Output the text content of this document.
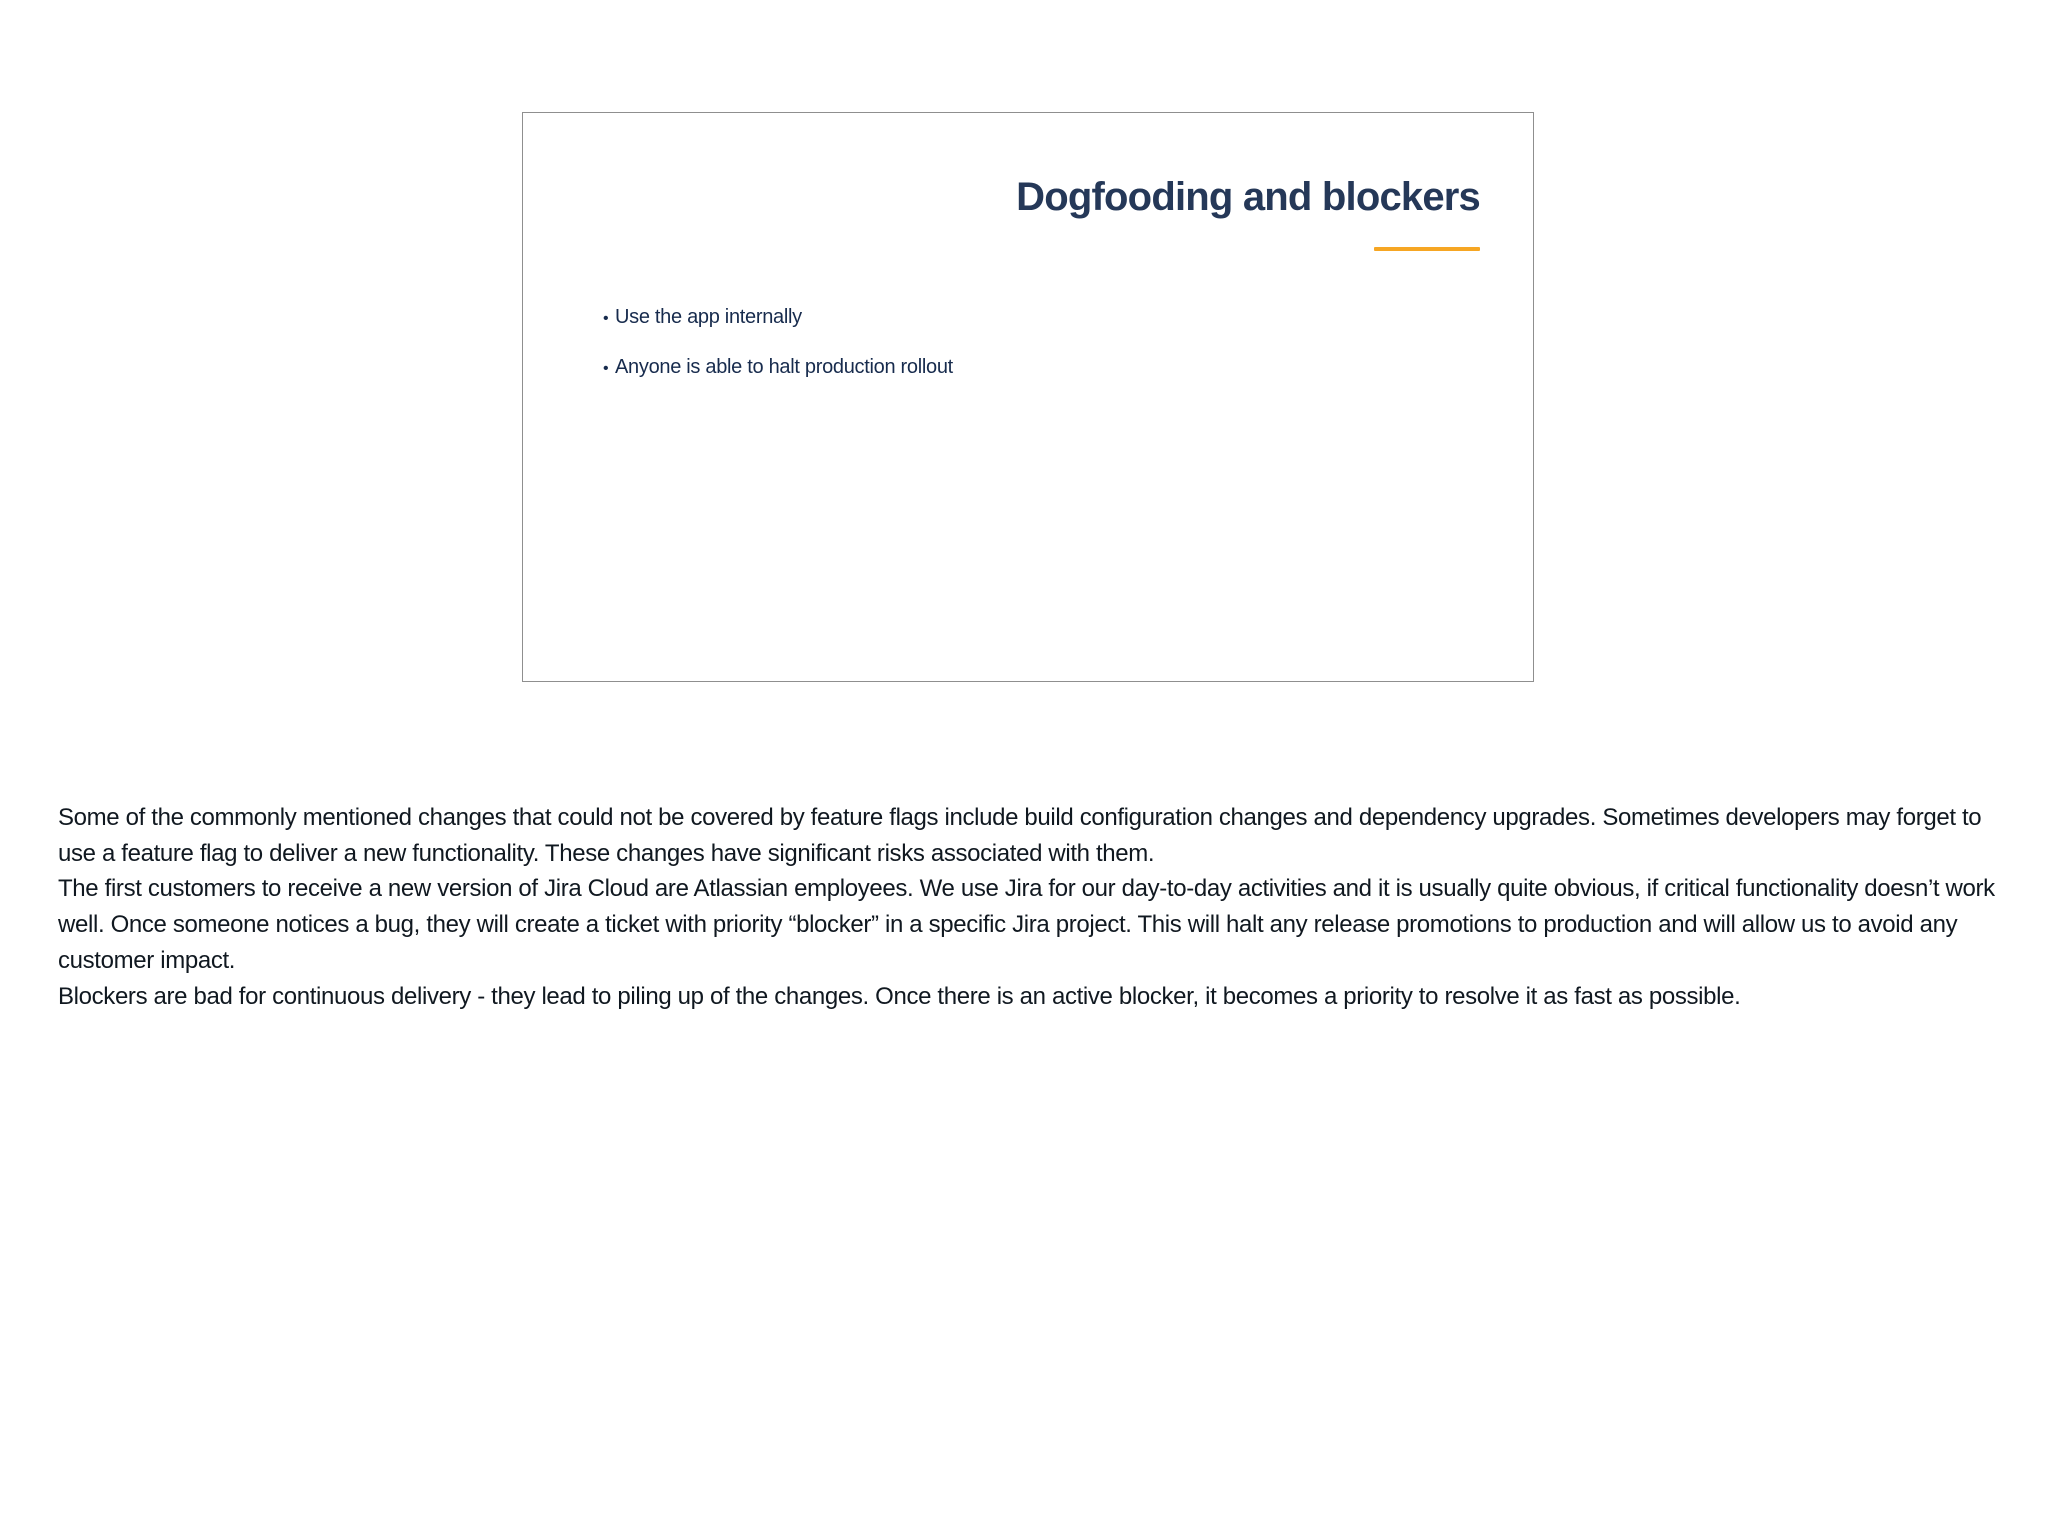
Dogfooding and blockers
• Use the app internally
• Anyone is able to halt production rollout

Some of the commonly mentioned changes that could not be covered by feature flags include build configuration changes and dependency upgrades. Sometimes developers may forget to use a feature flag to deliver a new functionality. These changes have significant risks associated with them.

The first customers to receive a new version of Jira Cloud are Atlassian employees. We use Jira for our day-to-day activities and it is usually quite obvious, if critical functionality doesn’t work well. Once someone notices a bug, they will create a ticket with priority “blocker” in a specific Jira project. This will halt any release promotions to production and will allow us to avoid any customer impact.

Blockers are bad for continuous delivery - they lead to piling up of the changes. Once there is an active blocker, it becomes a priority to resolve it as fast as possible.
